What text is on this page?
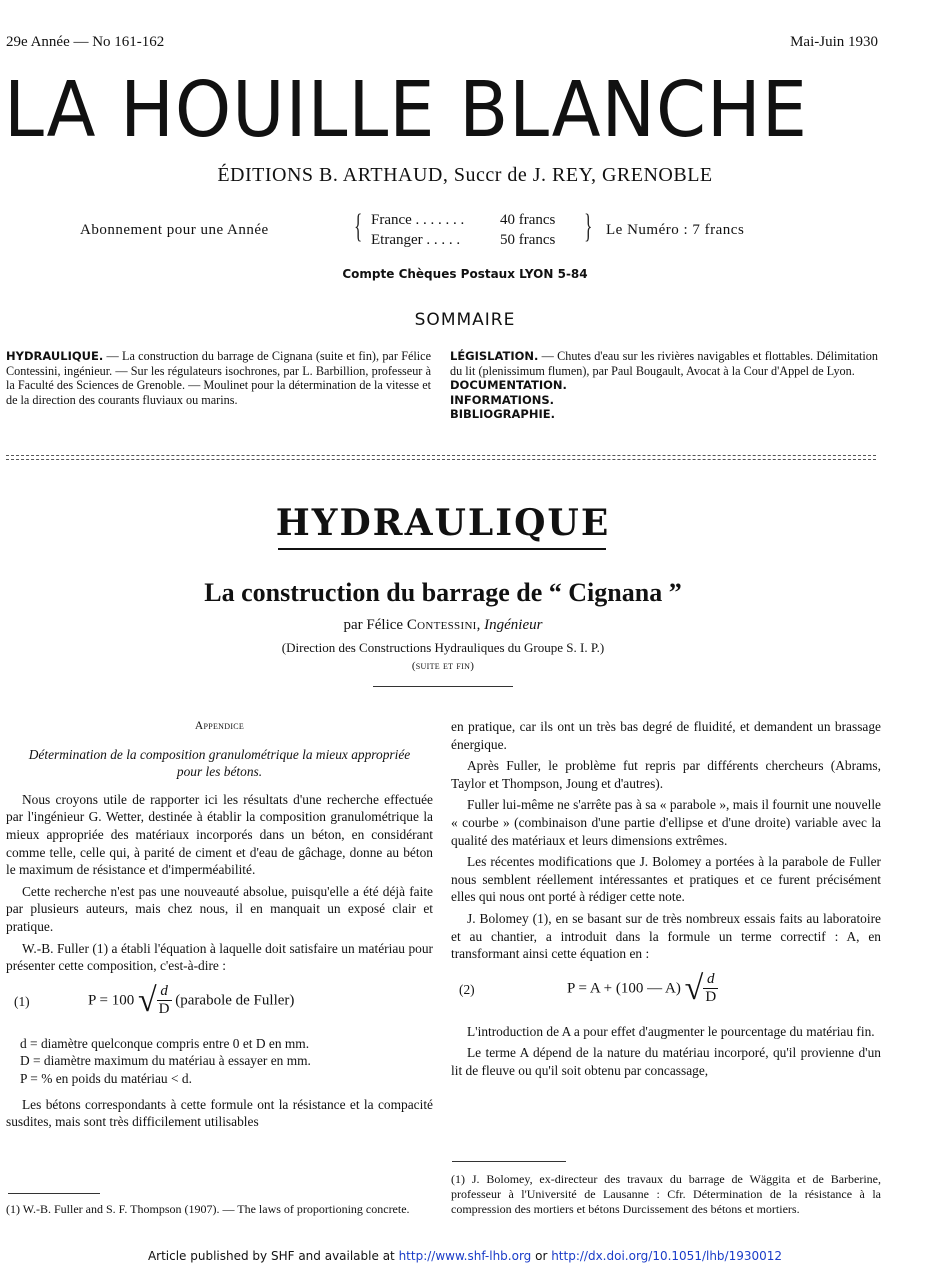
29e Année — No 161-162	Mai-Juin 1930
LA HOUILLE BLANCHE
ÉDITIONS B. ARTHAUD, Succr de J. REY, GRENOBLE
Abonnement pour une Année	{ France . . . . . . . 40 francs
Etranger . . . . .	50 francs } Le Numéro : 7 francs
Compte Chèques Postaux LYON 5-84
SOMMAIRE
HYDRAULIQUE. — La construction du barrage de Cignana (suite et fin), par Félice Contessini, ingénieur. — Sur les régulateurs isochrones, par L. Barbillion, professeur à la Faculté des Sciences de Grenoble. — Moulinet pour la détermination de la vitesse et de la direction des courants fluviaux ou marins.
LÉGISLATION. — Chutes d'eau sur les rivières navigables et flottables. Délimitation du lit (plenissimum flumen), par Paul Bougault, Avocat à la Cour d'Appel de Lyon.
DOCUMENTATION.
INFORMATIONS.
BIBLIOGRAPHIE.
HYDRAULIQUE
La construction du barrage de “ Cignana ”
par Félice Contessini, Ingénieur
(Direction des Constructions Hydrauliques du Groupe S. I. P.)
(suite et fin)
Appendice
Détermination de la composition granulométrique la mieux appropriée pour les bétons.

Nous croyons utile de rapporter ici les résultats d'une recherche effectuée par l'ingénieur G. Wetter, destinée à établir la composition granulométrique la mieux appropriée des matériaux incorporés dans un béton, en considérant comme telle, celle qui, à parité de ciment et d'eau de gâchage, donne au béton le maximum de résistance et d'imperméabilité.

Cette recherche n'est pas une nouveauté absolue, puisqu'elle a été déjà faite par plusieurs auteurs, mais chez nous, il en manquait un exposé clair et pratique.

W.-B. Fuller (1) a établi l'équation à laquelle doit satisfaire un matériau pour présenter cette composition, c'est-à-dire :

(1)	P = 100 √ $\frac{d}{D}$ (parabole de Fuller)
d = diamètre quelconque compris entre 0 et D en mm.
D = diamètre maximum du matériau à essayer en mm.
P = % en poids du matériau < d.

Les bétons correspondants à cette formule ont la résistance et la compacité susdites, mais sont très difficilement utilisables

(1) W.-B. Fuller and S. F. Thompson (1907). — The laws of proportioning concrete.

en pratique, car ils ont un très bas degré de fluidité, et demandent un brassage énergique.

Après Fuller, le problème fut repris par différents chercheurs (Abrams, Taylor et Thompson, Joung et d'autres).

Fuller lui-même ne s'arrête pas à sa « parabole », mais il fournit une nouvelle « courbe » (combinaison d'une partie d'ellipse et d'une droite) variable avec la qualité des matériaux et leurs dimensions extrêmes.

Les récentes modifications que J. Bolomey a portées à la parabole de Fuller nous semblent réellement intéressantes et pratiques et ce furent précisément elles qui nous ont porté à rédiger cette note.

J. Bolomey (1), en se basant sur de très nombreux essais faits au laboratoire et au chantier, a introduit dans la formule un terme correctif : A, en transformant ainsi cette équation en :

(2)	P = A + (100 — A) √ $\frac{d}{D}$

L'introduction de A a pour effet d'augmenter le pourcentage du matériau fin.

Le terme A dépend de la nature du matériau incorporé, qu'il provienne d'un lit de fleuve ou qu'il soit obtenu par concassage,

(1) J. Bolomey, ex-directeur des travaux du barrage de Wäggita et de Barberine, professeur à l'Université de Lausanne : Cfr. Détermination de la résistance à la compression des mortiers et bétons Durcissement des bétons et mortiers.
Article published by SHF and available at http://www.shf-lhb.org or http://dx.doi.org/10.1051/lhb/1930012
